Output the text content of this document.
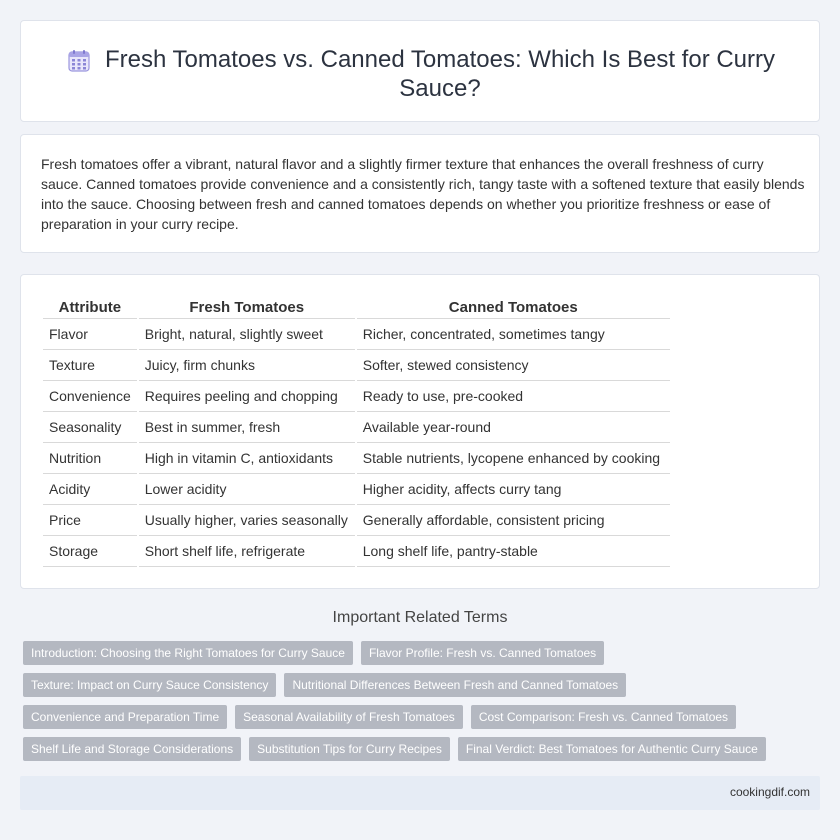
Fresh Tomatoes vs. Canned Tomatoes: Which Is Best for Curry Sauce?

Fresh tomatoes offer a vibrant, natural flavor and a slightly firmer texture that enhances the overall freshness of curry sauce. Canned tomatoes provide convenience and a consistently rich, tangy taste with a softened texture that easily blends into the sauce. Choosing between fresh and canned tomatoes depends on whether you prioritize freshness or ease of preparation in your curry recipe.

Attribute		Fresh Tomatoes		Canned Tomatoes
Flavor		Bright, natural, slightly sweet		Richer, concentrated, sometimes tangy
Texture		Juicy, firm chunks		Softer, stewed consistency
Convenience		Requires peeling and chopping		Ready to use, pre-cooked
Seasonality		Best in summer, fresh		Available year-round
Nutrition		High in vitamin C, antioxidants		Stable nutrients, lycopene enhanced by cooking
Acidity		Lower acidity		Higher acidity, affects curry tang
Price		Usually higher, varies seasonally		Generally affordable, consistent pricing
Storage		Short shelf life, refrigerate		Long shelf life, pantry-stable
Important Related Terms
Introduction: Choosing the Right Tomatoes for Curry Sauce	Flavor Profile: Fresh vs. Canned Tomatoes
Texture: Impact on Curry Sauce Consistency	Nutritional Differences Between Fresh and Canned Tomatoes
Convenience and Preparation Time	Seasonal Availability of Fresh Tomatoes	Cost Comparison: Fresh vs. Canned Tomatoes
Shelf Life and Storage Considerations	Substitution Tips for Curry Recipes	Final Verdict: Best Tomatoes for Authentic Curry Sauce
cookingdif.com
